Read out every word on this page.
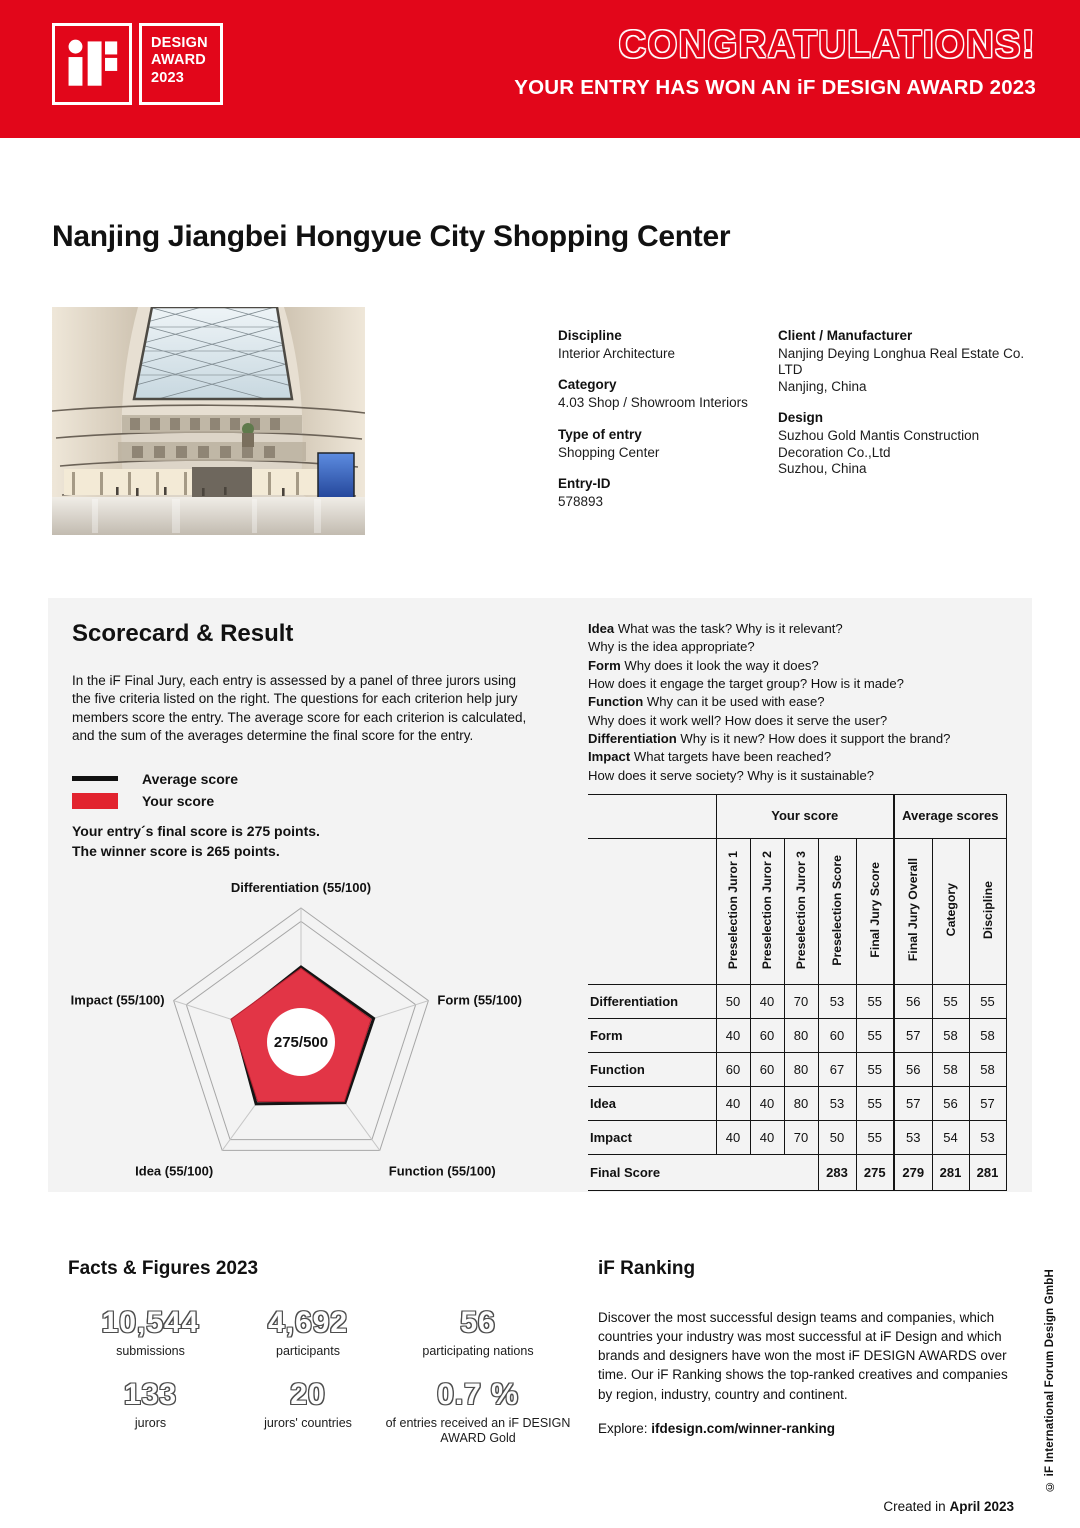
DESIGN
AWARD
2023
CONGRATULATIONS!
YOUR ENTRY HAS WON AN iF DESIGN AWARD 2023
Nanjing Jiangbei Hongyue City Shopping Center
Discipline
Interior Architecture
Category
4.03 Shop / Showroom Interiors
Type of entry
Shopping Center
Entry-ID
578893
Client / Manufacturer
Nanjing Deying Longhua Real Estate Co.
LTD
Nanjing, China
Design
Suzhou Gold Mantis Construction
Decoration Co.,Ltd
Suzhou, China
Scorecard & Result

In the iF Final Jury, each entry is assessed by a panel of three jurors using the five criteria listed on the right. The questions for each criterion help jury members score the entry. The average score for each criterion is calculated, and the sum of the averages determine the final score for the entry.

Average score
Your score
Your entry´s final score is 275 points.
The winner score is 265 points.
275/500
Differentiation (55/100)
Form (55/100)
Function (55/100)
Idea (55/100)
Impact (55/100)
Idea What was the task? Why is it relevant?
Why is the idea appropriate?
Form Why does it look the way it does?
How does it engage the target group? How is it made?
Function Why can it be used with ease?
Why does it work well? How does it serve the user?
Differentiation Why is it new? How does it support the brand?
Impact What targets have been reached?
How does it serve society? Why is it sustainable?
	Your score					Average scores		
	Preselection Juror 1	Preselection Juror 2	Preselection Juror 3	Preselection Score	Final Jury Score	Final Jury Overall	Category	Discipline
Differentiation	50	40	70	53	55	56	55	55
Form	40	60	80	60	55	57	58	58
Function	60	60	80	67	55	56	58	58
Idea	40	40	80	53	55	57	56	57
Impact	40	40	70	50	55	53	54	53
Final Score				283	275	279	281	281
Facts & Figures 2023
10,544
submissions
4,692
participants
56
participating nations
133
jurors
20
jurors' countries
0.7 %
of entries received an iF DESIGN AWARD Gold
iF Ranking

Discover the most successful design teams and companies, which countries your industry was most successful at iF Design and which brands and designers have won the most iF DESIGN AWARDS over time. Our iF Ranking shows the top-ranked creatives and companies by region, industry, country and continent.

Explore: ifdesign.com/winner-ranking	© iF International Forum Design GmbH
Created in April 2023
